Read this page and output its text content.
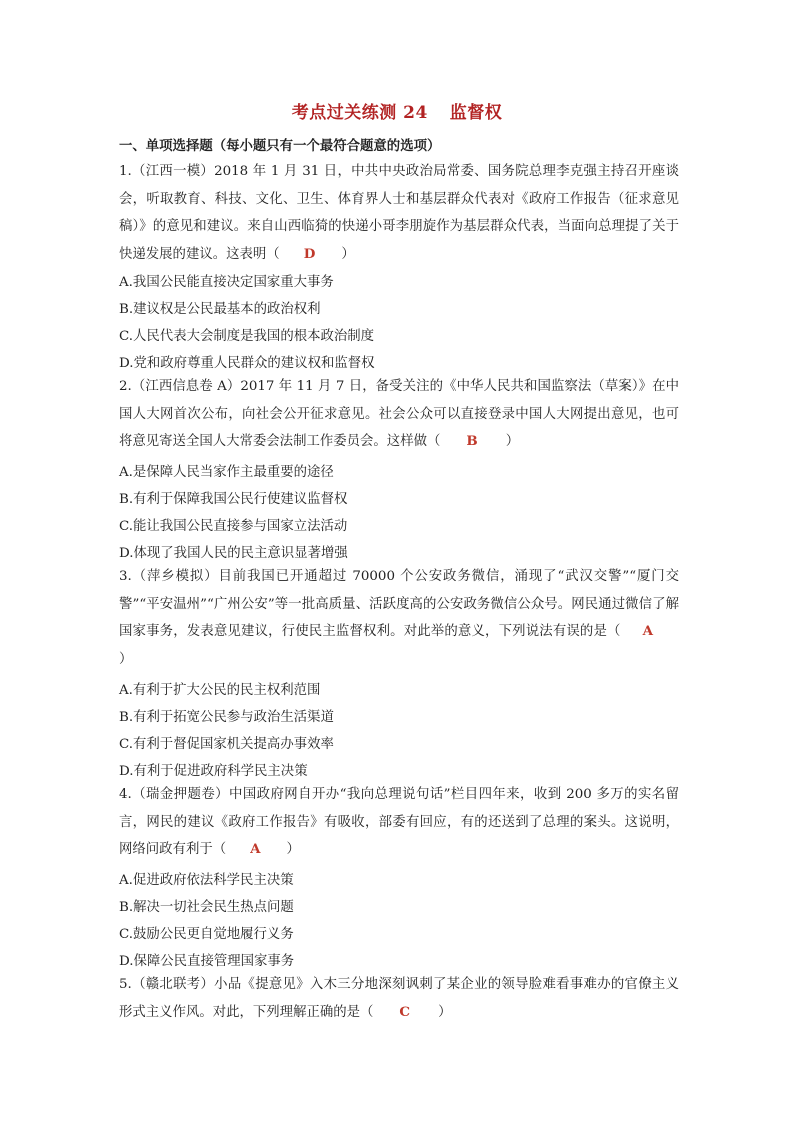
考点过关练测 24 监督权
一、单项选择题（每小题只有一个最符合题意的选项）
1.（江西一模）2018 年 1 月 31 日，中共中央政治局常委、国务院总理李克强主持召开座谈会，听取教育、科技、文化、卫生、体育界人士和基层群众代表对《政府工作报告（征求意见稿）》的意见和建议。来自山西临猗的快递小哥李朋旋作为基层群众代表，当面向总理提了关于快递发展的建议。这表明（ D ）
A.我国公民能直接决定国家重大事务
B.建议权是公民最基本的政治权利
C.人民代表大会制度是我国的根本政治制度
D.党和政府尊重人民群众的建议权和监督权
2.（江西信息卷 A）2017 年 11 月 7 日，备受关注的《中华人民共和国监察法（草案）》在中国人大网首次公布，向社会公开征求意见。社会公众可以直接登录中国人大网提出意见，也可将意见寄送全国人大常委会法制工作委员会。这样做（ B ）
A.是保障人民当家作主最重要的途径
B.有利于保障我国公民行使建议监督权
C.能让我国公民直接参与国家立法活动
D.体现了我国人民的民主意识显著增强
3.（萍乡模拟）目前我国已开通超过 70000 个公安政务微信，涌现了“武汉交警”“厦门交警”“平安温州”“广州公安”等一批高质量、活跃度高的公安政务微信公众号。网民通过微信了解国家事务，发表意见建议，行使民主监督权利。对此举的意义，下列说法有误的是（ A）
A.有利于扩大公民的民主权利范围
B.有利于拓宽公民参与政治生活渠道
C.有利于督促国家机关提高办事效率
D.有利于促进政府科学民主决策
4.（瑞金押题卷）中国政府网自开办“我向总理说句话”栏目四年来，收到 200 多万的实名留言，网民的建议《政府工作报告》有吸收，部委有回应，有的还送到了总理的案头。这说明，网络问政有利于（ A ）
A.促进政府依法科学民主决策
B.解决一切社会民生热点问题
C.鼓励公民更自觉地履行义务
D.保障公民直接管理国家事务
5.（赣北联考）小品《提意见》入木三分地深刻讽刺了某企业的领导脸难看事难办的官僚主义形式主义作风。对此，下列理解正确的是（ C ）
